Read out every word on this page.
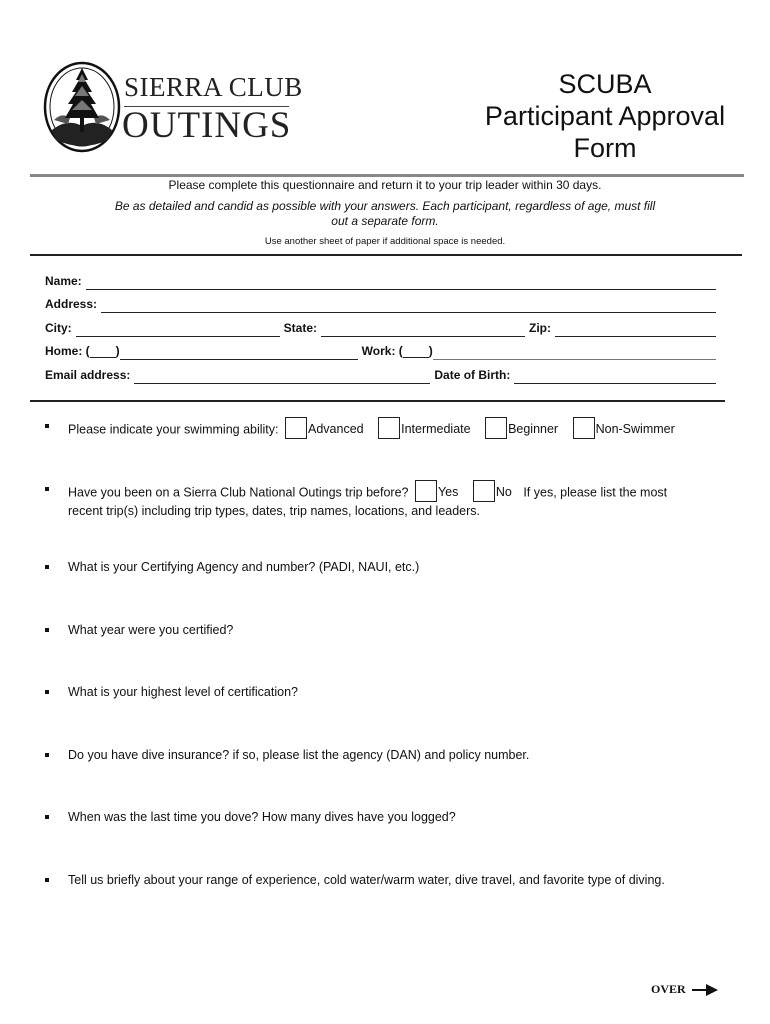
SIERRA CLUB
OUTINGS
SCUBA
Participant Approval
Form
Please complete this questionnaire and return it to your trip leader within 30 days.
Be as detailed and candid as possible with your answers. Each participant, regardless of age, must fill out a separate form.
Use another sheet of paper if additional space is needed.
Name:
Address:
City:	State:	Zip:
Home: ( )	Work: ( )
Email address:	Date of Birth:
Please indicate your swimming ability: Advanced	Intermediate	Beginner	Non-Swimmer
Have you been on a Sierra Club National Outings trip before? Yes	No If yes, please list the most
recent trip(s) including trip types, dates, trip names, locations, and leaders.
What is your Certifying Agency and number? (PADI, NAUI, etc.)
What year were you certified?
What is your highest level of certification?
Do you have dive insurance? if so, please list the agency (DAN) and policy number.
When was the last time you dove? How many dives have you logged?
Tell us briefly about your range of experience, cold water/warm water, dive travel, and favorite type of diving.
OVER
